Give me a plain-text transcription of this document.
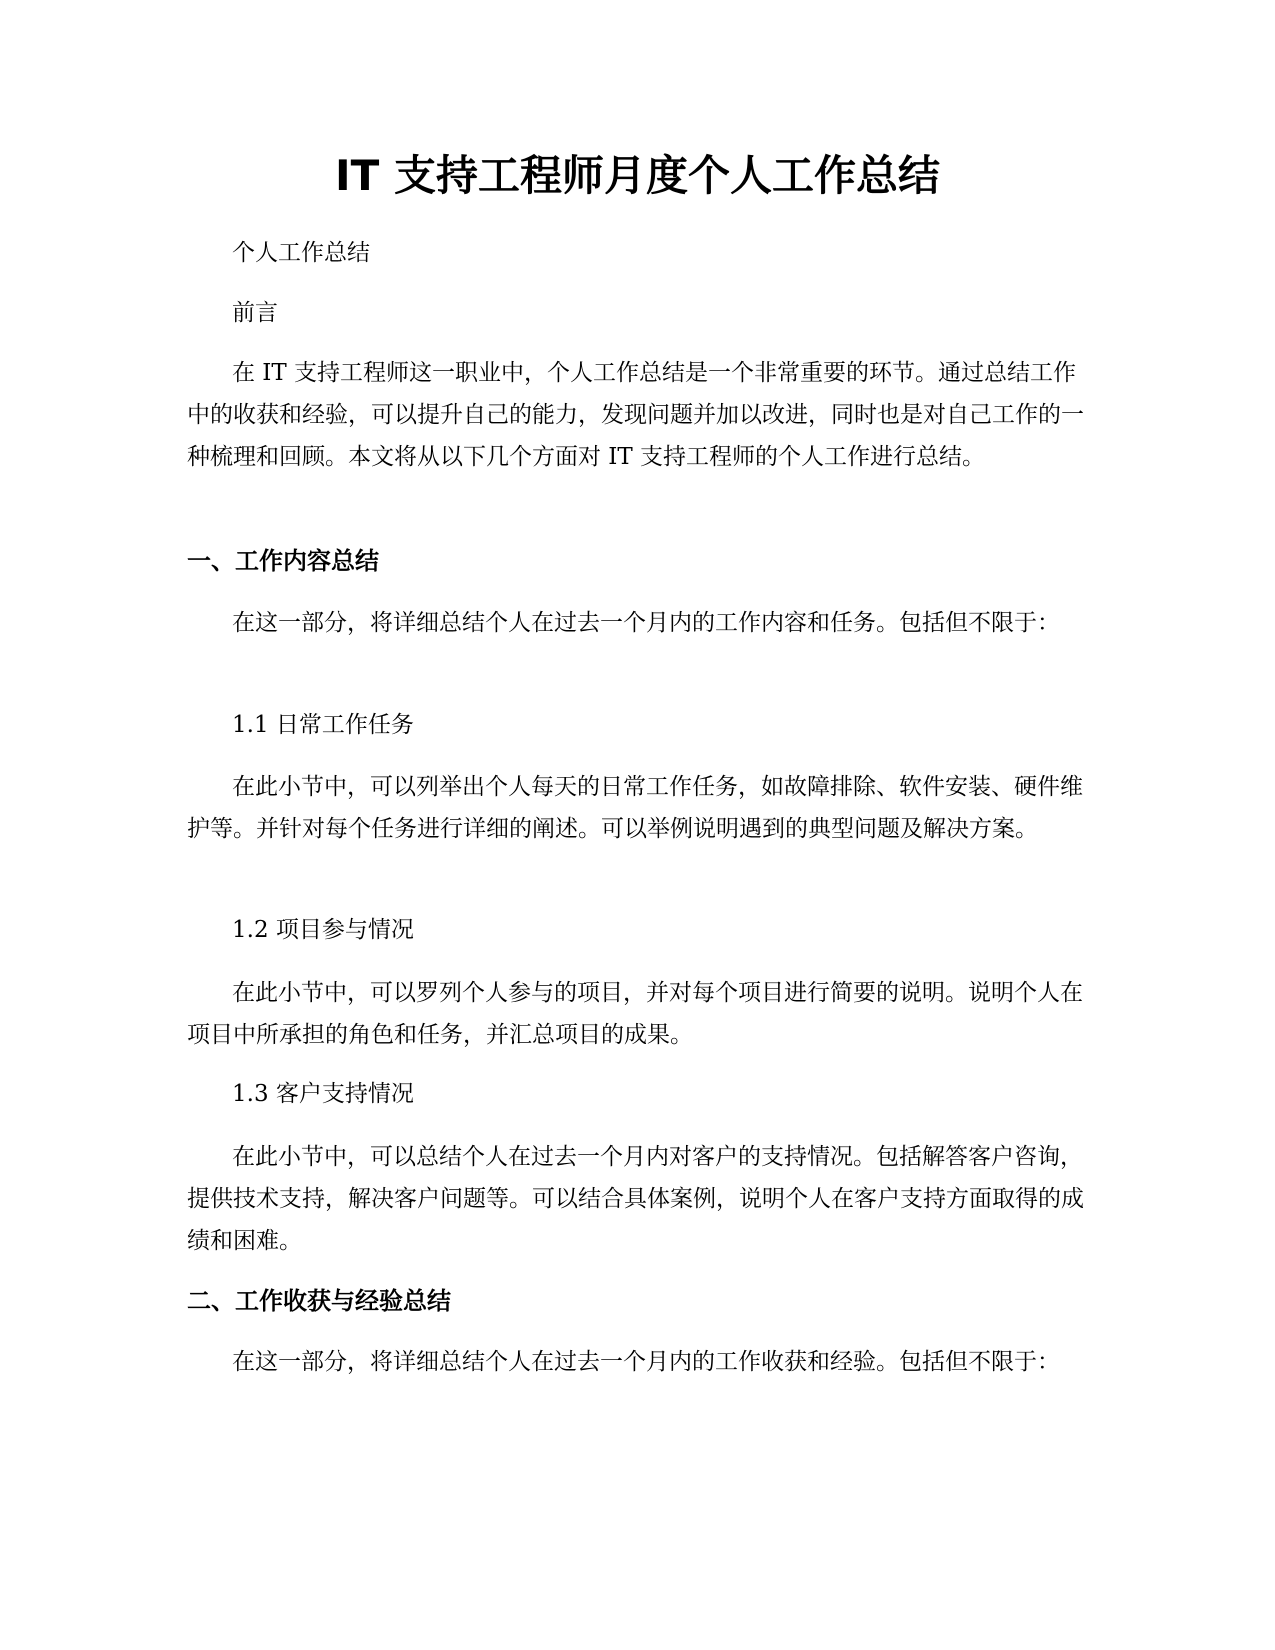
IT 支持工程师月度个人工作总结

个人工作总结

前言

在 IT 支持工程师这一职业中，个人工作总结是一个非常重要的环节。通过总结工作中的收获和经验，可以提升自己的能力，发现问题并加以改进，同时也是对自己工作的一种梳理和回顾。本文将从以下几个方面对 IT 支持工程师的个人工作进行总结。

一、工作内容总结

在这一部分，将详细总结个人在过去一个月内的工作内容和任务。包括但不限于：

1.1 日常工作任务

在此小节中，可以列举出个人每天的日常工作任务，如故障排除、软件安装、硬件维护等。并针对每个任务进行详细的阐述。可以举例说明遇到的典型问题及解决方案。

1.2 项目参与情况

在此小节中，可以罗列个人参与的项目，并对每个项目进行简要的说明。说明个人在项目中所承担的角色和任务，并汇总项目的成果。

1.3 客户支持情况

在此小节中，可以总结个人在过去一个月内对客户的支持情况。包括解答客户咨询，提供技术支持，解决客户问题等。可以结合具体案例，说明个人在客户支持方面取得的成绩和困难。

二、工作收获与经验总结

在这一部分，将详细总结个人在过去一个月内的工作收获和经验。包括但不限于：
